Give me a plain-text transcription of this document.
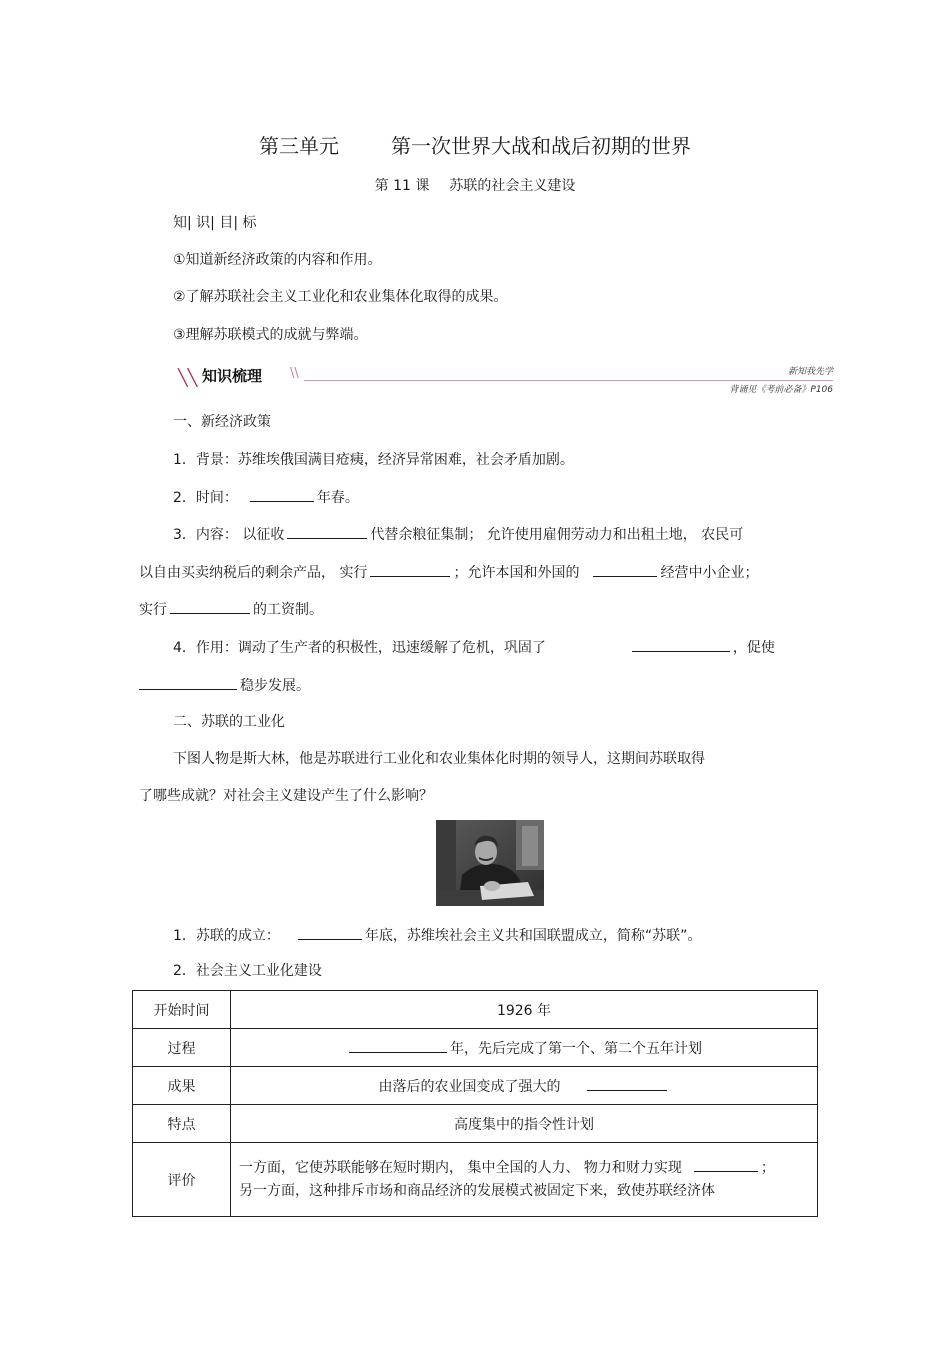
第三单元	第一次世界大战和战后初期的世界
第 11 课 苏联的社会主义建设
知| 识| 目| 标
①知道新经济政策的内容和作用。
②了解苏联社会主义工业化和农业集体化取得的成果。
③理解苏联模式的成就与弊端。
╲╲ 知识梳理 \\	新知我先学
背诵见《考前必备》P106
一、新经济政策
1．背景：苏维埃俄国满目疮痍，经济异常困难，社会矛盾加剧。
2．时间：	年春。
3．内容： 以征收	代替余粮征集制； 允许使用雇佣劳动力和出租土地， 农民可
以自由买卖纳税后的剩余产品， 实行	；允许本国和外国的	经营中小企业；
实行	的工资制。
4．作用：调动了生产者的积极性，迅速缓解了危机，巩固了	，促使
稳步发展。
二、苏联的工业化
下图人物是斯大林，他是苏联进行工业化和农业集体化时期的领导人，这期间苏联取得
了哪些成就？对社会主义建设产生了什么影响？
1．苏联的成立：	年底，苏维埃社会主义共和国联盟成立，简称“苏联”。
2．社会主义工业化建设
开始时间	1926 年
过程	年，先后完成了第一个、第二个五年计划
成果	由落后的农业国变成了强大的
特点	高度集中的指令性计划
评价	一方面，它使苏联能够在短时期内， 集中全国的人力、 物力和财力实现 ；
另一方面，这种排斥市场和商品经济的发展模式被固定下来，致使苏联经济体
